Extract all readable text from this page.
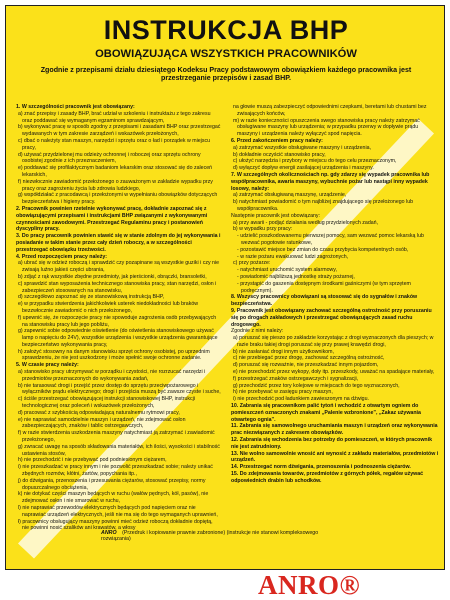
INSTRUKCJA BHP
OBOWIĄZUJĄCA WSZYSTKICH PRACOWNIKÓW
Zgodnie z przepisami działu dziesiątego Kodeksu Pracy podstawowym obowiązkiem każdego pracownika jest przestrzeganie przepisów i zasad BHP.

1. W szczególności pracownik jest obowiązany:

a) znać przepisy i zasady BHP, brać udział w szkoleniu i instruktażu z tego zakresu oraz poddawać się wymaganym egzaminom sprawdzającym,

b) wykonywać pracę w sposób zgodny z przepisami i zasadami BHP oraz przestrzegać wydawanych w tym zakresie zarządzeń i wskazówek przełożonych,

c) dbać o należyty stan maszyn, narzędzi i sprzętu oraz o ład i porządek w miejscu pracy,

d) używać przydzielonej mu odzieży ochronnej i roboczej oraz sprzętu ochrony osobistej zgodnie z ich przeznaczeniem,

e) poddawać się profilaktycznym badaniom lekarskim oraz stosować się do zaleceń lekarskich,

f) niezwłocznie zawiadomić przełożonego o zauważonym w zakładzie wypadku przy pracy oraz zagrożeniu życia lub zdrowia ludzkiego,

g) współdziałać z pracodawcą i przełożonymi w wypełnianiu obowiązków dotyczących bezpieczeństwa i higieny pracy.

2. Pracownik powinien rzetelnie wykonywać pracę, dokładnie zapoznać się z obowiązującymi przepisami i instrukcjami BHP związanymi z wykonywanymi czynnościami zawodowymi. Przestrzegać Regulaminu pracy i postanowień dyscypliny pracy.

3. Do pracy pracownik powinien stawić się w stanie zdolnym do jej wykonywania i posiadanie w takim stanie przez cały dzień roboczy, a w szczególności przestrzegać obowiązku trzeźwości.

4. Przed rozpoczęciem pracy należy:

a) ubrać się w odzież roboczą i sprawdzić czy pozapinane są wszystkie guziki i czy nie zwisają luźno jakieś części ubrania,

b) zdjąć z rąk wszystkie zbędne przedmioty, jak pierścionki, obrączki, bransoletki,

c) sprawdzić stan wyposażenia technicznego stanowiska pracy, stan narzędzi, osłon i zabezpieczeń stosowanych na stanowisku,

d) szczegółowo zapoznać się ze stanowiskową instrukcją BHP,

e) w przypadku stwierdzenia jakichkolwiek usterek niedokładności lub braków bezzwłocznie zawiadomić o nich przełożonego,

f) upewnić się, że rozpoczęcie pracy nie spowoduje zagrożenia osób przebywających na stanowisku pracy lub jego pobliżu,

g) zapewnić sobie odpowiednie oświetlenie (do oświetlenia stanowiskowego używać lamp o napięciu do 24V), wszystkie urządzenia i wszystkie urządzenia gwarantujące bezpieczeństwo wykonywania pracy,

h) założyć stosowny na danym stanowisku sprzęt ochrony osobistej, po uprzednim sprawdzeniu, że nie jest uszkodzony i może spełnić swoje ochronne zadanie.

5. W czasie pracy należy:

a) stanowisko pracy utrzymywać w porządku i czystości, nie rozrzucać narzędzi i przedmiotów przeznaczonych do wykonywania zadań,

b) nie tarasować drogi i przejść przez dostęp do sprzętu przeciwpożarowego i wyłączników prądu elektrycznego; drogi i przejścia muszą być zawsze czyste i suche,

c) ściśle przestrzegać obowiązującej instrukcji stanowiskowej BHP, instrukcji technologicznej oraz poleceń i wskazówek przełożonych,

d) pracować z szybkością odpowiadającą naturalnemu rytmowi pracy,

e) nie naprawiać samodzielnie maszyn i urządzeń, nie zdejmować osłon zabezpieczających, znaków i tablic ostrzegawczych,

f) w razie stwierdzenia uszkodzenia maszyny natychmiast ją zatrzymać i zawiadomić przełożonego,

g) zwracać uwagę na sposób składowania materiałów, ich ilości, wysokości i stabilność ustawienia stosów,

h) nie przechodzić i nie przebywać pod podniesionym ciężarem,

i) nie przeszkadzać w pracy innym i nie pozwolić przeszkadzać sobie; należy unikać zbędnych rozmów, kłótni, żartów, popychania itp.,

j) do dźwigania, przenoszenia i przesuwania ciężarów, stosować przepisy, normy dopuszczalnego obciążenia,

k) nie dotykać części maszyn będących w ruchu (wałów pędnych, kół, pasów), nie zdejmować osłon i nie smarować w ruchu,

l) nie naprawiać przewodów elektrycznych będących pod napięciem oraz nie naprawiać urządzeń elektrycznych, jeśli nie ma się do tego wymaganych uprawnień,

ł) pracownicy obsługujący maszyny powinni mieć odzież roboczą dokładnie dopiętą, nie powinni nosić szalików ani krawatów, a włosy

na głowie muszą zabezpieczyć odpowiednimi czepkami, beretami lub chustami bez zwisających końców,

m) w razie konieczności opuszczenia swego stanowiska pracy należy zatrzymać obsługiwane maszyny lub urządzenia; w przypadku przerwy w dopływie prądu maszyny i urządzenia należy wyłączyć spod napięcia.

6. Przed zakończeniem pracy należy:

a) zatrzymać wszystkie obsługiwane maszyny i urządzenia,

b) dokładnie oczyścić stanowisko pracy,

c) ułożyć narzędzia i przybory w miejscu do tego celu przeznaczonym,

d) wyłączyć dopływ energii zasilającej urządzenia i maszyny.

7. W szczególnych okolicznościach np. gdy zdarzy się wypadek pracownika lub współpracownika, awaria maszyny, wybuchnie pożar lub nastąpi inny wypadek losowy, należy:

a) zatrzymać obsługiwaną maszynę, urządzenie,

b) natychmiast powiadomić o tym najbliżej znajdującego się przełożonego lub współpracownika.

Następnie pracownik jest obowiązany:

a) przy awarii - podjąć działania według przydzielonych zadań,

b) w wypadku przy pracy:

- udzielić poszkodowanemu pierwszej pomocy, sam wezwać pomoc lekarską lub wezwać pogotowie ratunkowe,

- pozostawić miejsce bez zmian do czasu przybycia kompetentnych osób,

- w razie pożaru ewakuować ludzi zagrożonych,

c) przy pożarze:

- natychmiast uruchomić system alarmowy,

- powiadomić najbliższą jednostkę straży pożarnej,

- przystąpić do gaszenia dostępnym środkami gaśniczymi (w tym sprzętem podręcznym).

8. Wszyscy pracownicy obowiązani są stosować się do sygnałów i znaków bezpieczeństwa.

9. Pracownik jest obowiązany zachować szczególną ostrożność przy poruszaniu się po drogach zakładowych i przestrzegać obowiązujących zasad ruchu drogowego.

Zgodnie z nimi należy:

a) poruszać się pieszo po zakładzie korzystając z drogi wyznaczonych dla pieszych; w razie braku takiej drogi poruszać się przy prawej krawędzi drogi,

b) nie zasłaniać drogi innym użytkownikom,

c) nie przebiegać przez drogę, zachować szczególną ostrożność,

d) poruszać się rozważnie, nie przeszkadzać innym pojazdom,

e) nie przechodzić przez wykopy, doły itp. przeszkody, uważać na spadające materiały,

f) przestrzegać znaków ostrzegawczych i sygnalizacji,

g) przechodzić przez tory kolejowe w miejscach do tego wyznaczonych,

h) nie przebywać w zasięgu pracy maszyn,

i) nie przechodzić pod ładunkiem zawieszonym na dźwigu.

10. Zabrania się pracownikom palić tytoń i wchodzić z otwartym ogniem do pomieszczeń oznaczonych znakami „Palenie wzbronione”, „Zakaz używania otwartego ognia”.

11. Zabrania się samowolnego uruchamiania maszyn i urządzeń oraz wykonywania prac niezwiązanych z zakresem obowiązków.

12. Zabrania się wchodzenia bez potrzeby do pomieszczeń, w których pracownik nie jest zatrudniony.

13. Nie wolno samowolnie wnosić ani wynosić z zakładu materiałów, przedmiotów i urządzeń.

14. Przestrzegać norm dźwigania, przenoszenia i podnoszenia ciężarów.

15. Do zdejmowania towarów, przedmiotów z górnych półek, regałów używać odpowiednich drabin lub schodków.

ANRO (Przedruk i kopiowanie prawnie zabronione) (instrukcje nie stanowi kompleksowego rozwiązania)
ANRO®
